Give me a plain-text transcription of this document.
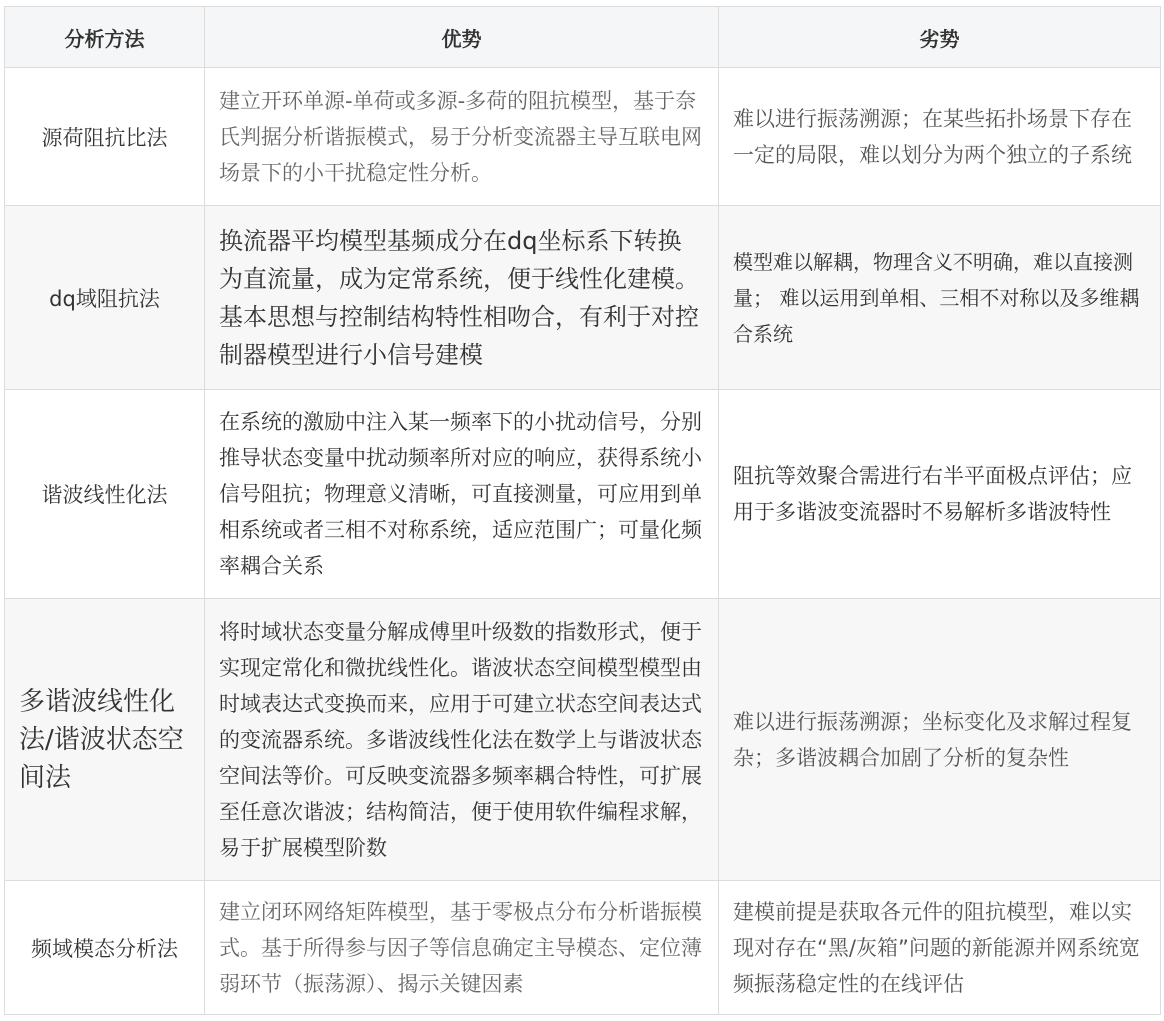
分析方法	优势	劣势
源荷阻抗比法	建立开环单源-单荷或多源-多荷的阻抗模型，基于奈氏判据分析谐振模式，易于分析变流器主导互联电网场景下的小干扰稳定性分析。	难以进行振荡溯源；在某些拓扑场景下存在一定的局限，难以划分为两个独立的子系统
dq域阻抗法	换流器平均模型基频成分在dq坐标系下转换为直流量，成为定常系统，便于线性化建模。基本思想与控制结构特性相吻合，有利于对控制器模型进行小信号建模	模型难以解耦，物理含义不明确，难以直接测量； 难以运用到单相、三相不对称以及多维耦合系统
谐波线性化法	在系统的激励中注入某一频率下的小扰动信号，分别推导状态变量中扰动频率所对应的响应，获得系统小信号阻抗；物理意义清晰，可直接测量，可应用到单相系统或者三相不对称系统，适应范围广；可量化频率耦合关系	阻抗等效聚合需进行右半平面极点评估；应用于多谐波变流器时不易解析多谐波特性
多谐波线性化法/谐波状态空间法	将时域状态变量分解成傅里叶级数的指数形式，便于实现定常化和微扰线性化。谐波状态空间模型模型由时域表达式变换而来，应用于可建立状态空间表达式的变流器系统。多谐波线性化法在数学上与谐波状态空间法等价。可反映变流器多频率耦合特性，可扩展至任意次谐波；结构简洁，便于使用软件编程求解，易于扩展模型阶数	难以进行振荡溯源；坐标变化及求解过程复杂；多谐波耦合加剧了分析的复杂性
频域模态分析法	建立闭环网络矩阵模型，基于零极点分布分析谐振模式。基于所得参与因子等信息确定主导模态、定位薄弱环节（振荡源）、揭示关键因素	建模前提是获取各元件的阻抗模型，难以实现对存在“黑/灰箱”问题的新能源并网系统宽频振荡稳定性的在线评估
